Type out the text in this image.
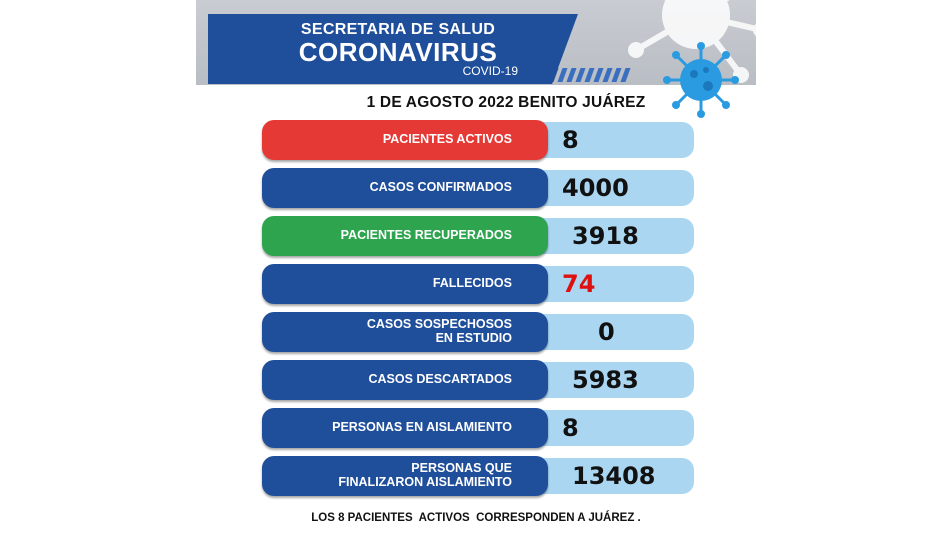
SECRETARIA DE SALUD
CORONAVIRUS
COVID-19
1 DE AGOSTO 2022 BENITO JUÁREZ
PACIENTES ACTIVOS 8
CASOS CONFIRMADOS 4000
PACIENTES RECUPERADOS	3918
FALLECIDOS 74
CASOS SOSPECHOSOS
EN ESTUDIO	0
CASOS DESCARTADOS	5983
PERSONAS EN AISLAMIENTO 8
PERSONAS QUE
FINALIZARON AISLAMIENTO	13408
LOS 8 PACIENTES  ACTIVOS  CORRESPONDEN A JUÁREZ .
